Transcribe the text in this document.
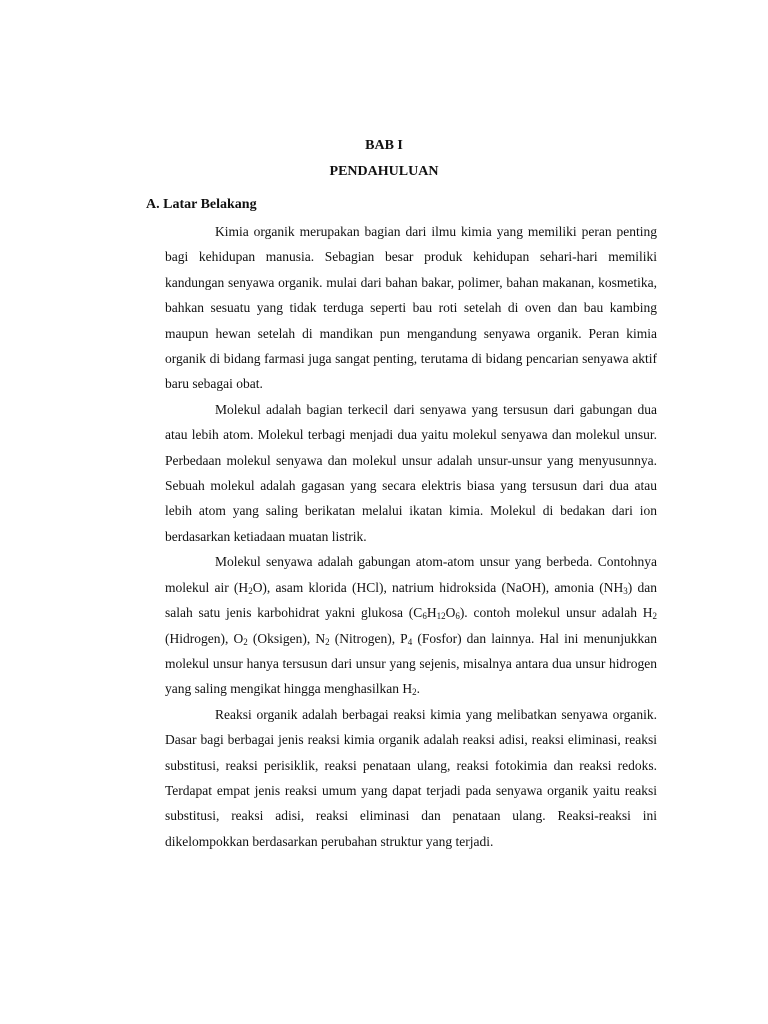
BAB I
PENDAHULUAN
A. Latar Belakang

Kimia organik merupakan bagian dari ilmu kimia yang memiliki peran penting bagi kehidupan manusia. Sebagian besar produk kehidupan sehari-hari memiliki kandungan senyawa organik. mulai dari bahan bakar, polimer, bahan makanan, kosmetika, bahkan sesuatu yang tidak terduga seperti bau roti setelah di oven dan bau kambing maupun hewan setelah di mandikan pun mengandung senyawa organik. Peran kimia organik di bidang farmasi juga sangat penting, terutama di bidang pencarian senyawa aktif baru sebagai obat.

Molekul adalah bagian terkecil dari senyawa yang tersusun dari gabungan dua atau lebih atom. Molekul terbagi menjadi dua yaitu molekul senyawa dan molekul unsur. Perbedaan molekul senyawa dan molekul unsur adalah unsur-unsur yang menyusunnya. Sebuah molekul adalah gagasan yang secara elektris biasa yang tersusun dari dua atau lebih atom yang saling berikatan melalui ikatan kimia. Molekul di bedakan dari ion berdasarkan ketiadaan muatan listrik.

Molekul senyawa adalah gabungan atom-atom unsur yang berbeda. Contohnya molekul air $(H_2O)$, asam klorida (HCl), natrium hidroksida (NaOH), amonia $(NH_3)$ dan salah satu jenis karbohidrat yakni glukosa $(C_6H_{12}O_6)$. contoh molekul unsur adalah $H_2$ (Hidrogen), $O_2$ (Oksigen), $N_2$ (Nitrogen), $P_4$ (Fosfor) dan lainnya. Hal ini menunjukkan molekul unsur hanya tersusun dari unsur yang sejenis, misalnya antara dua unsur hidrogen yang saling mengikat hingga menghasilkan $H_2$.

Reaksi organik adalah berbagai reaksi kimia yang melibatkan senyawa organik. Dasar bagi berbagai jenis reaksi kimia organik adalah reaksi adisi, reaksi eliminasi, reaksi substitusi, reaksi perisiklik, reaksi penataan ulang, reaksi fotokimia dan reaksi redoks. Terdapat empat jenis reaksi umum yang dapat terjadi pada senyawa organik yaitu reaksi substitusi, reaksi adisi, reaksi eliminasi dan penataan ulang. Reaksi-reaksi ini dikelompokkan berdasarkan perubahan struktur yang terjadi.
